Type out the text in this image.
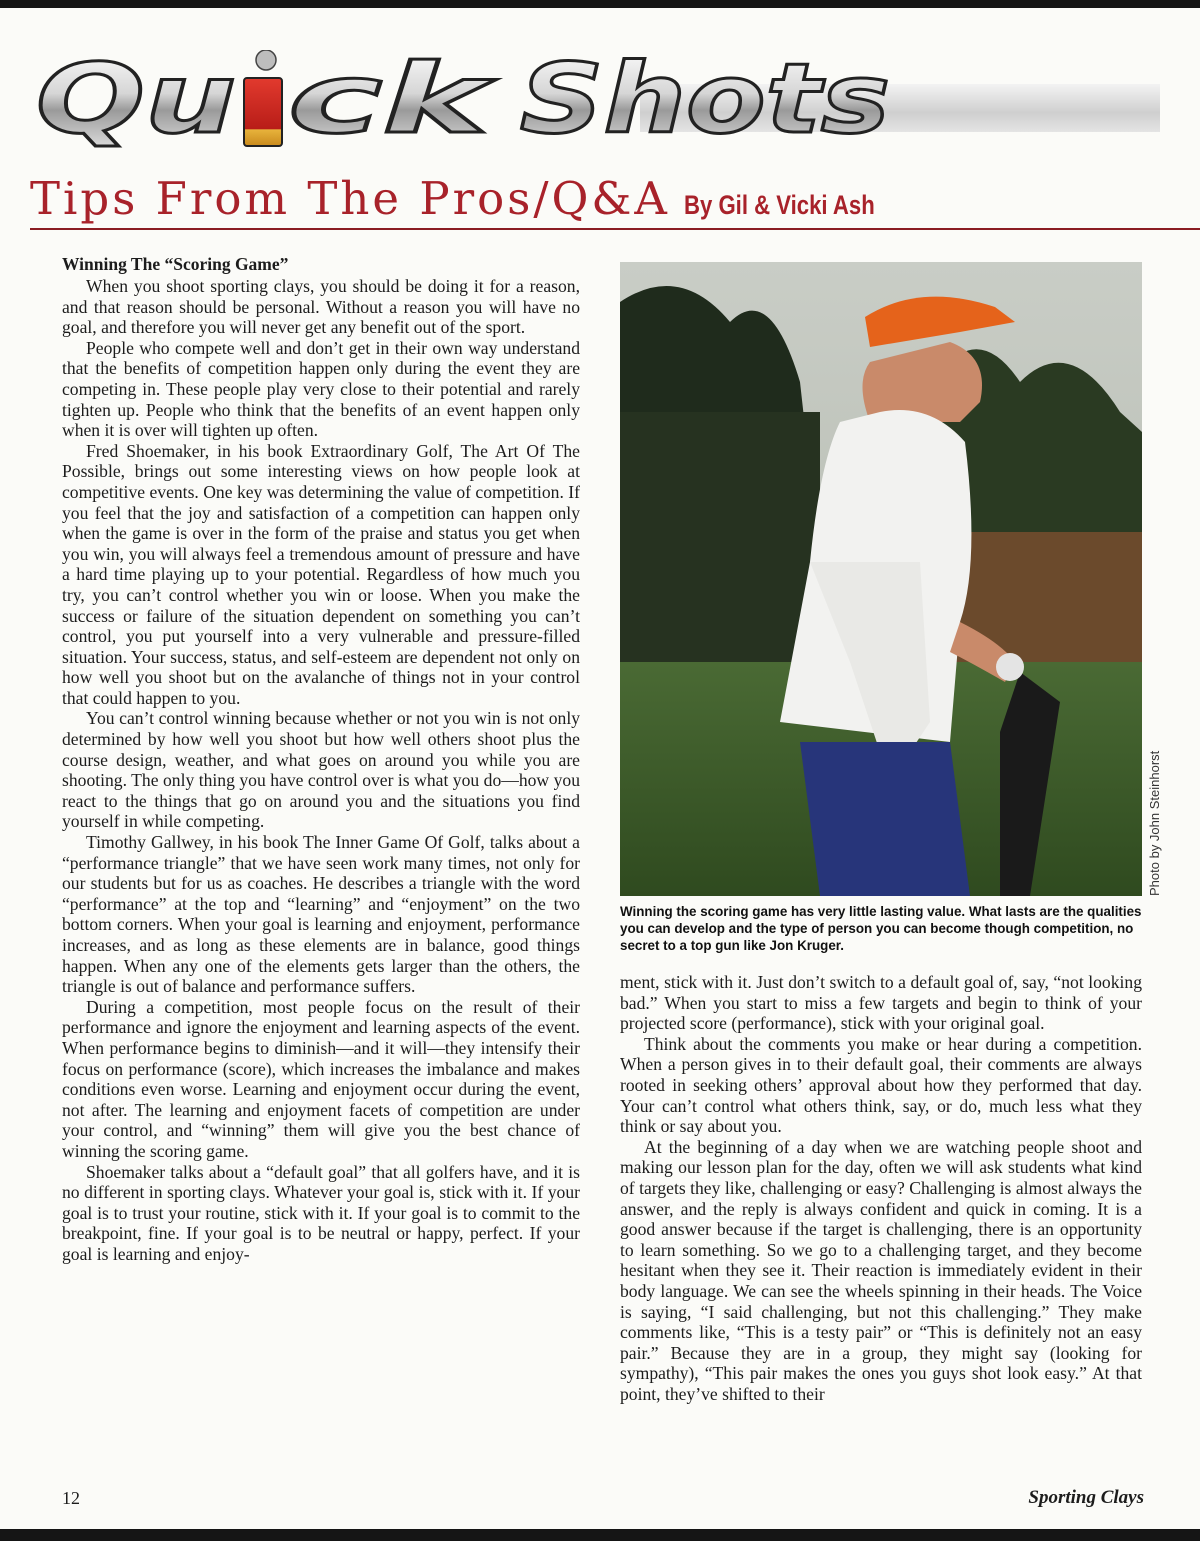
Qu ck Shots
Tips From The Pros/Q&A By Gil & Vicki Ash
Winning The “Scoring Game”

When you shoot sporting clays, you should be doing it for a reason, and that reason should be personal. Without a reason you will have no goal, and therefore you will never get any benefit out of the sport.

People who compete well and don’t get in their own way understand that the benefits of competition happen only during the event they are competing in. These people play very close to their potential and rarely tighten up. People who think that the benefits of an event happen only when it is over will tighten up often.

Fred Shoemaker, in his book Extraordinary Golf, The Art Of The Possible, brings out some interesting views on how people look at competitive events. One key was determining the value of competition. If you feel that the joy and satisfaction of a competition can happen only when the game is over in the form of the praise and status you get when you win, you will always feel a tremendous amount of pressure and have a hard time playing up to your potential. Regardless of how much you try, you can’t control whether you win or loose. When you make the success or failure of the situation dependent on something you can’t control, you put yourself into a very vulnerable and pressure-filled situation. Your success, status, and self-esteem are dependent not only on how well you shoot but on the avalanche of things not in your control that could happen to you.

You can’t control winning because whether or not you win is not only determined by how well you shoot but how well others shoot plus the course design, weather, and what goes on around you while you are shooting. The only thing you have control over is what you do—how you react to the things that go on around you and the situations you find yourself in while competing.

Timothy Gallwey, in his book The Inner Game Of Golf, talks about a “performance triangle” that we have seen work many times, not only for our students but for us as coaches. He describes a triangle with the word “performance” at the top and “learning” and “enjoyment” on the two bottom corners. When your goal is learning and enjoyment, performance increases, and as long as these elements are in balance, good things happen. When any one of the elements gets larger than the others, the triangle is out of balance and performance suffers.

During a competition, most people focus on the result of their performance and ignore the enjoyment and learning aspects of the event. When performance begins to diminish—and it will—they intensify their focus on performance (score), which increases the imbalance and makes conditions even worse. Learning and enjoyment occur during the event, not after. The learning and enjoyment facets of competition are under your control, and “winning” them will give you the best chance of winning the scoring game.

Shoemaker talks about a “default goal” that all golfers have, and it is no different in sporting clays. Whatever your goal is, stick with it. If your goal is to trust your routine, stick with it. If your goal is to commit to the breakpoint, fine. If your goal is to be neutral or happy, perfect. If your goal is learning and enjoy-

Photo by John Steinhorst
Winning the scoring game has very little lasting value. What lasts are the qualities you can develop and the type of person you can become though competition, no secret to a top gun like Jon Kruger.

ment, stick with it. Just don’t switch to a default goal of, say, “not looking bad.” When you start to miss a few targets and begin to think of your projected score (performance), stick with your original goal.

Think about the comments you make or hear during a competition. When a person gives in to their default goal, their comments are always rooted in seeking others’ approval about how they performed that day. Your can’t control what others think, say, or do, much less what they think or say about you.

At the beginning of a day when we are watching people shoot and making our lesson plan for the day, often we will ask students what kind of targets they like, challenging or easy? Challenging is almost always the answer, and the reply is always confident and quick in coming. It is a good answer because if the target is challenging, there is an opportunity to learn something. So we go to a challenging target, and they become hesitant when they see it. Their reaction is immediately evident in their body language. We can see the wheels spinning in their heads. The Voice is saying, “I said challenging, but not this challenging.” They make comments like, “This is a testy pair” or “This is definitely not an easy pair.” Because they are in a group, they might say (looking for sympathy), “This pair makes the ones you guys shot look easy.” At that point, they’ve shifted to their

12	Sporting Clays
